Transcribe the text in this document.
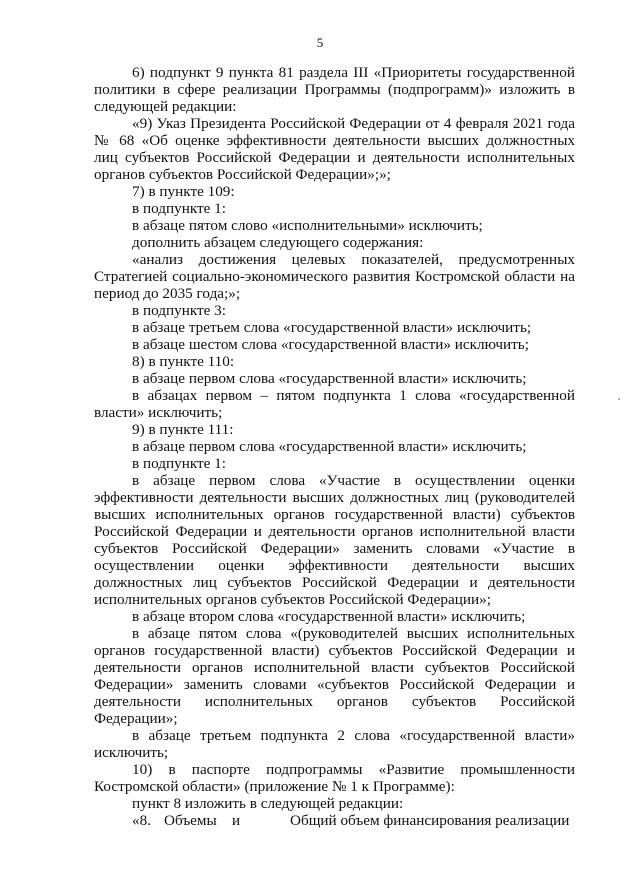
5

6) подпункт 9 пункта 81 раздела III «Приоритеты государственной политики в сфере реализации Программы (подпрограмм)» изложить в следующей редакции:

«9) Указ Президента Российской Федерации от 4 февраля 2021 года № 68 «Об оценке эффективности деятельности высших должностных лиц субъектов Российской Федерации и деятельности исполнительных органов субъектов Российской Федерации»;»;

7) в пункте 109:

в подпункте 1:

в абзаце пятом слово «исполнительными» исключить;

дополнить абзацем следующего содержания:

«анализ достижения целевых показателей, предусмотренных Стратегией социально-экономического развития Костромской области на период до 2035 года;»;

в подпункте 3:

в абзаце третьем слова «государственной власти» исключить;

в абзаце шестом слова «государственной власти» исключить;

8) в пункте 110:

в абзаце первом слова «государственной власти» исключить;

в абзацах первом – пятом подпункта 1 слова «государственной власти» исключить;

9) в пункте 111:

в абзаце первом слова «государственной власти» исключить;

в подпункте 1:

в абзаце первом слова «Участие в осуществлении оценки эффективности деятельности высших должностных лиц (руководителей высших исполнительных органов государственной власти) субъектов Российской Федерации и деятельности органов исполнительной власти субъектов Российской Федерации» заменить словами «Участие в осуществлении оценки эффективности деятельности высших должностных лиц субъектов Российской Федерации и деятельности исполнительных органов субъектов Российской Федерации»;

в абзаце втором слова «государственной власти» исключить;

в абзаце пятом слова «(руководителей высших исполнительных органов государственной власти) субъектов Российской Федерации и деятельности органов исполнительной власти субъектов Российской Федерации» заменить словами «субъектов Российской Федерации и деятельности исполнительных органов субъектов Российской Федерации»;

в абзаце третьем подпункта 2 слова «государственной власти» исключить;

10) в паспорте подпрограммы «Развитие промышленности Костромской области» (приложение № 1 к Программе):

пункт 8 изложить в следующей редакции:

«8. Объемы	и	Общий объем финансирования реализации
